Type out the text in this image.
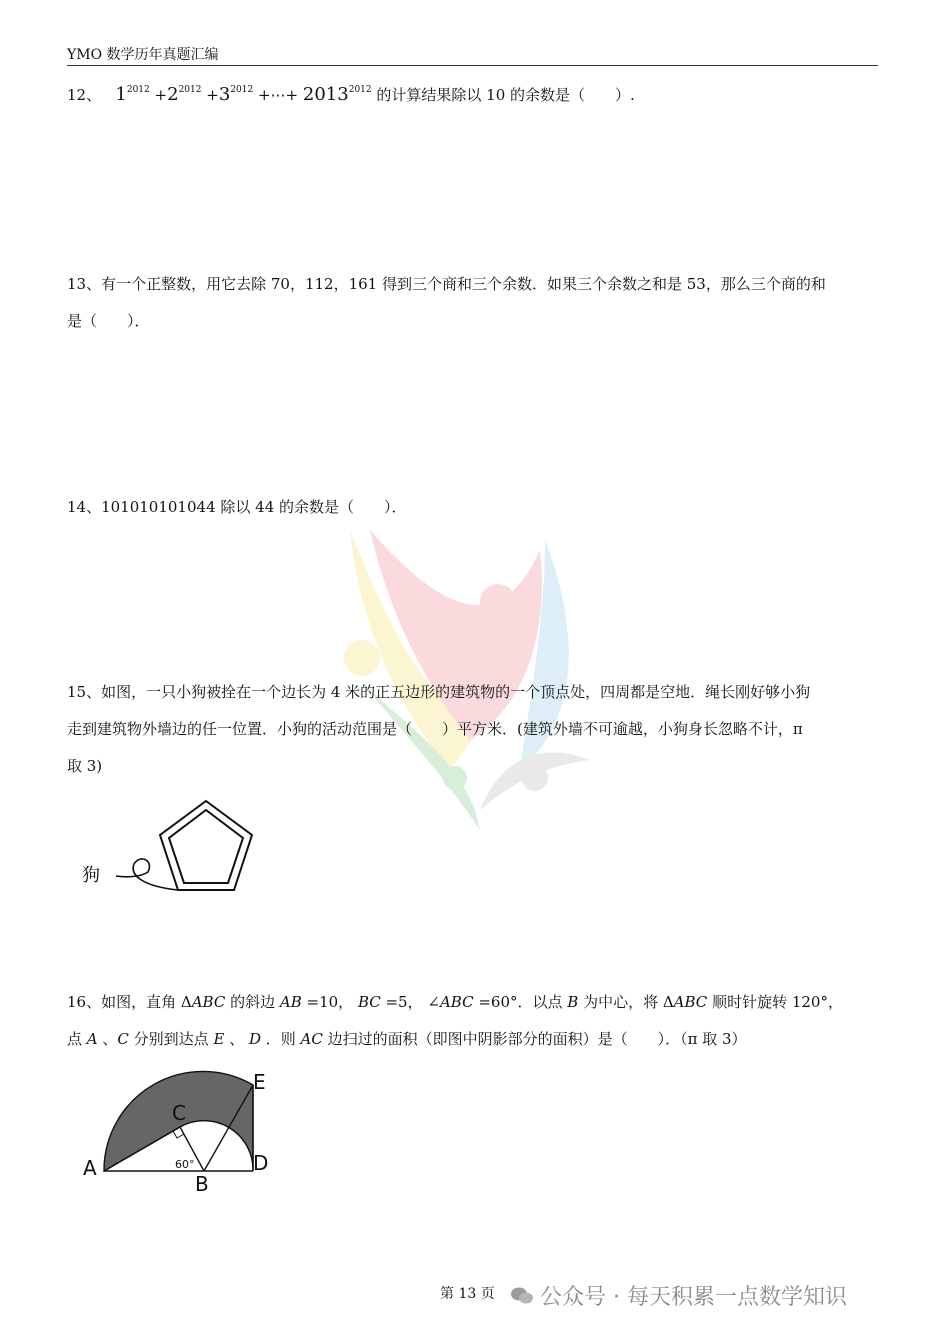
YMO 数学历年真题汇编
12、 $1^{2012} +2^{2012} +3^{2012}$ +⋯+ $2013^{2012}$ 的计算结果除以 10 的余数是（　　）.
13、有一个正整数，用它去除 70，112，161 得到三个商和三个余数．如果三个余数之和是 53，那么三个商的和
是（　　）．
14、101010101044 除以 44 的余数是（　　）．
15、如图，一只小狗被拴在一个边长为 4 米的正五边形的建筑物的一个顶点处，四周都是空地．绳长刚好够小狗
走到建筑物外墙边的任一位置．小狗的活动范围是（　　）平方米．(建筑外墙不可逾越，小狗身长忽略不计，π
取 3)
狗
16、如图，直角 ΔABC 的斜边 AB =10， BC =5， ∠ABC =60°．以点 B 为中心，将 ΔABC 顺时针旋转 120°，
点 A 、C 分别到达点 E 、 D ．则 AC 边扫过的面积（即图中阴影部分的面积）是（　　）．（π 取 3）
A
B
C
D
E
60°
第 13 页 公众号 · 每天积累一点数学知识
